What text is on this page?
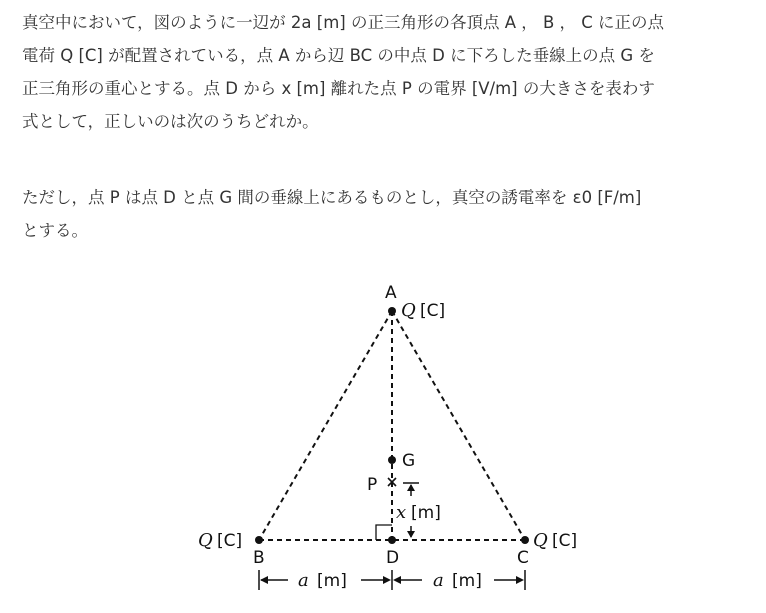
真空中において，図のように一辺が 2a [m] の正三角形の各頂点 A ， B ， C に正の点
電荷 Q [C] が配置されている，点 A から辺 BC の中点 D に下ろした垂線上の点 G を
正三角形の重心とする。点 D から x [m] 離れた点 P の電界 [V/m] の大きさを表わす
式として，正しいのは次のうちどれか。
ただし，点 P は点 D と点 G 間の垂線上にあるものとし，真空の誘電率を ε0 [F/m]
とする。
A
B	C
D
G
P
Q [C]
Q [C]	Q [C]
x [m]
a [m]	a [m]
